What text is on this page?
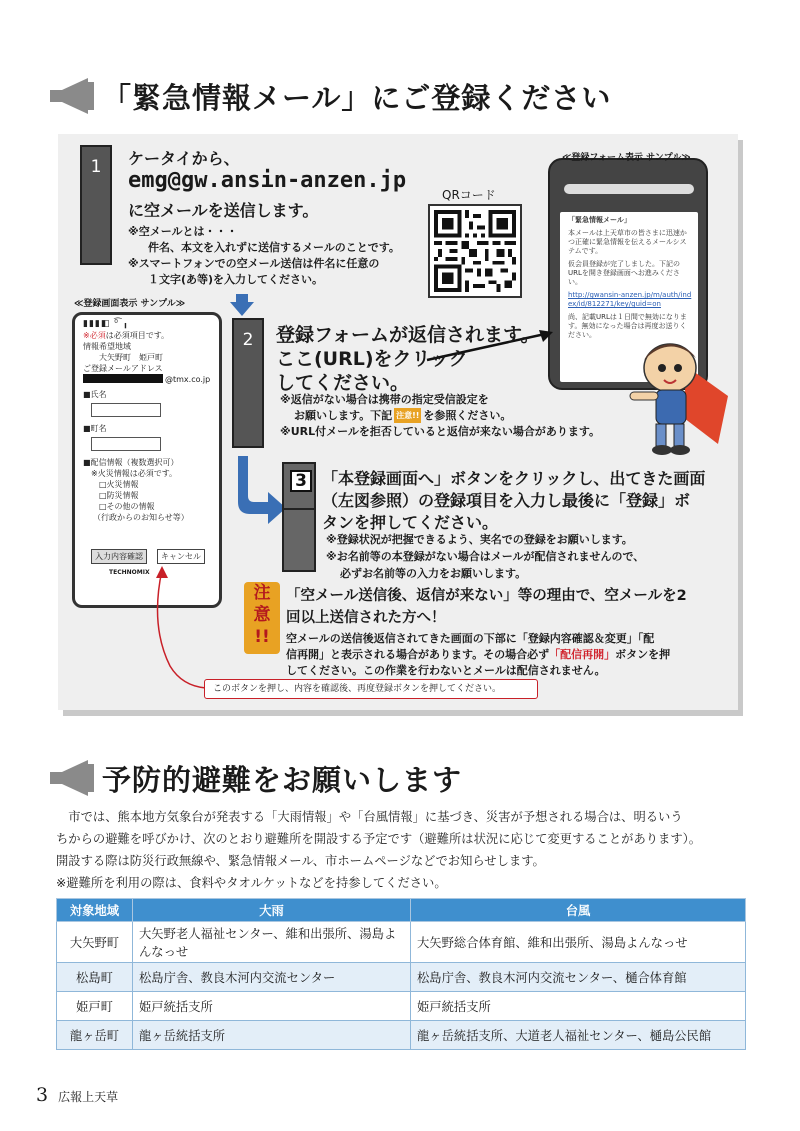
「緊急情報メール」にご登録ください
1	ケータイから、
emg@gw.ansin-anzen.jp
に空メールを送信します。
※空メールとは・・・
件名、本文を入れずに送信するメールのことです。
※スマートフォンでの空メール送信は件名に任意の
１文字(あ等)を入力してください。
QRコード
≪登録フォーム表示 サンプル≫
「緊急情報メール」
本メールは上天草市の皆さまに迅速かつ正確に緊急情報を伝えるメールシステムです。
仮会員登録が完了しました。下記のURLを開き登録画面へお進みください。
http://gwansin-anzen.jp/m/auth/index/id/812271/key/guid=on
尚、記載URLは１日間で無効になります。無効になった場合は再度お送りください。
≪登録画面表示 サンプル≫
▮▮▮◧ ⁰͡ ╻
※必須は必須項目です。
情報希望地域
大矢野町　姫戸町
ご登録メールアドレス
@tmx.co.jp
■氏名
■町名
■配信情報（複数選択可）
※火災情報は必須です。
□火災情報
□防災情報
□その他の情報
（行政からのお知らせ等）
入力内容確認	キャンセル
TECHNOMIX
2	登録フォームが返信されます。
ここ(URL)をクリック
してください。
※返信がない場合は携帯の指定受信設定を
お願いします。下記 注意!! を参照ください。
※URL付メールを拒否していると返信が来ない場合があります。
3 「本登録画面へ」ボタンをクリックし、出てきた画面
（左図参照）の登録項目を入力し最後に「登録」ボ
タンを押してください。
※登録状況が把握できるよう、実名での登録をお願いします。
※お名前等の本登録がない場合はメールが配信されませんので、
必ずお名前等の入力をお願いします。
注
意
!!
「空メール送信後、返信が来ない」等の理由で、空メールを2
回以上送信された方へ！
空メールの送信後返信されてきた画面の下部に「登録内容確認＆変更」「配
信再開」と表示される場合があります。その場合必ず「配信再開」ボタンを押
してください。この作業を行わないとメールは配信されません。
このボタンを押し、内容を確認後、再度登録ボタンを押してください。
予防的避難をお願いします
　市では、熊本地方気象台が発表する「大雨情報」や「台風情報」に基づき、災害が予想される場合は、明るいう
ちからの避難を呼びかけ、次のとおり避難所を開設する予定です（避難所は状況に応じて変更することがあります）。
開設する際は防災行政無線や、緊急情報メール、市ホームページなどでお知らせします。
※避難所を利用の際は、食料やタオルケットなどを持参してください。
対象地域	大雨	台風
大矢野町	大矢野老人福祉センター、維和出張所、湯島よんなっせ	大矢野総合体育館、維和出張所、湯島よんなっせ
松島町	松島庁舎、教良木河内交流センター	松島庁舎、教良木河内交流センター、樋合体育館
姫戸町	姫戸統括支所	姫戸統括支所
龍ヶ岳町	龍ヶ岳統括支所	龍ヶ岳統括支所、大道老人福祉センター、樋島公民館
3 広報上天草
